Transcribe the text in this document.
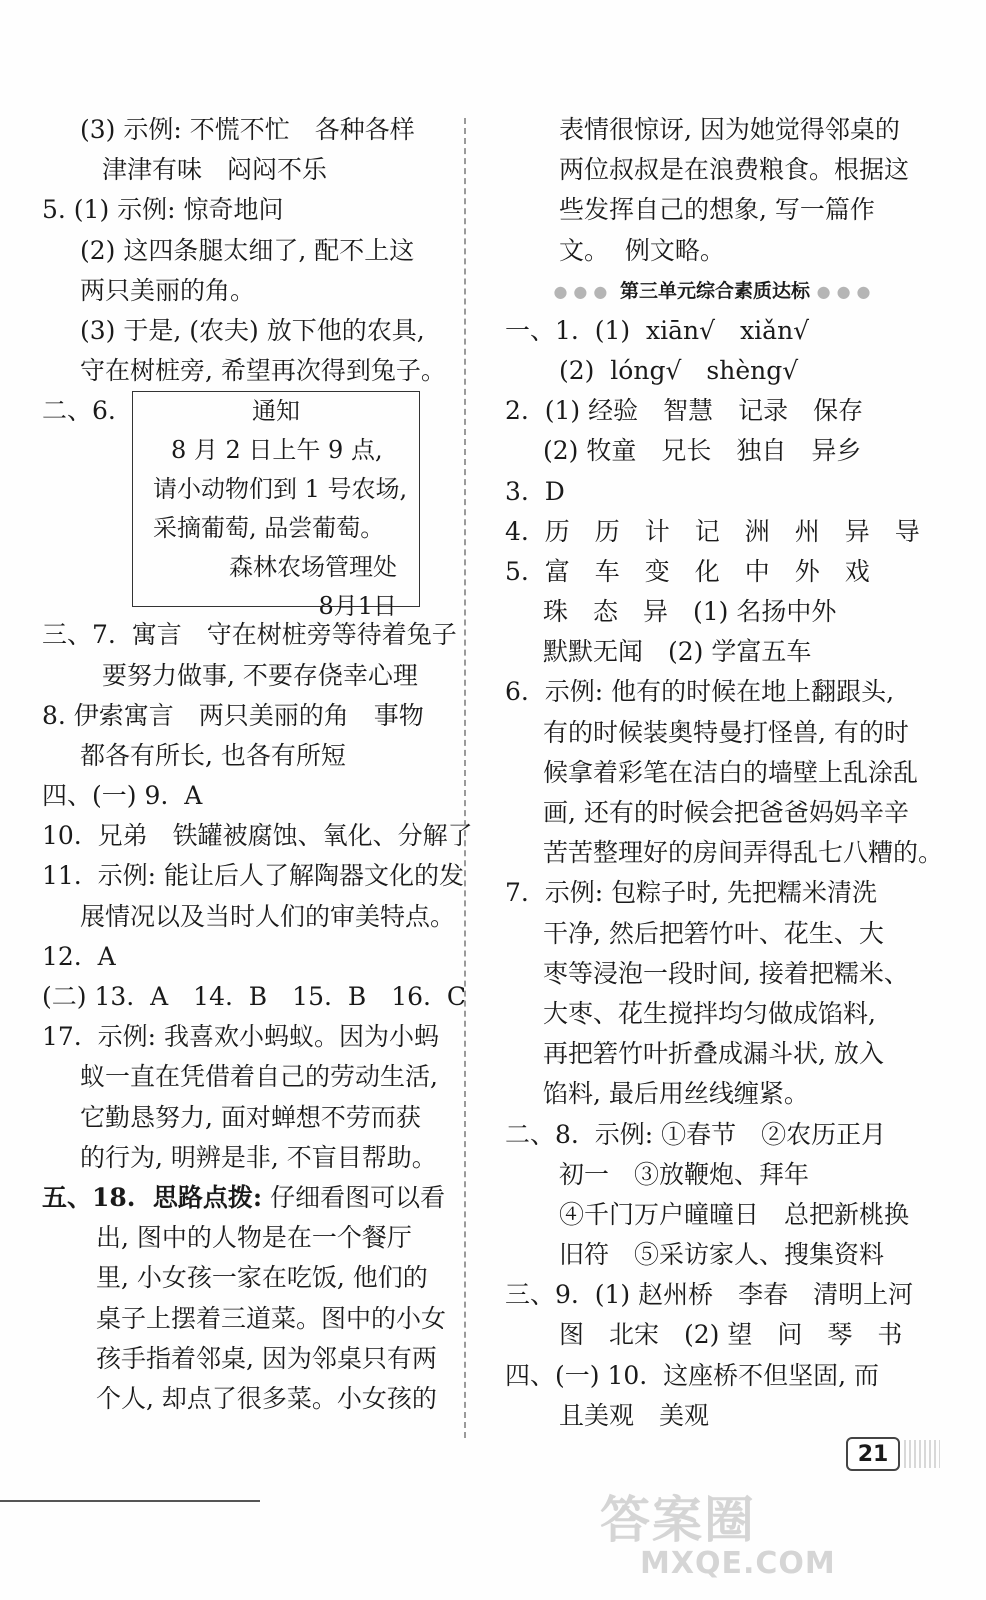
(3) 示例: 不慌不忙　各种各样
津津有味　闷闷不乐
5. (1) 示例: 惊奇地问
(2) 这四条腿太细了, 配不上这
两只美丽的角。
(3) 于是, (农夫) 放下他的农具,
守在树桩旁, 希望再次得到兔子。
二、6.	通知
8 月 2 日上午 9 点,
请小动物们到 1 号农场,
采摘葡萄, 品尝葡萄。
森林农场管理处
8月1日
三、7.  寓言　守在树桩旁等待着兔子
要努力做事, 不要存侥幸心理
8. 伊索寓言　两只美丽的角　事物
都各有所长, 也各有所短
四、(一) 9.  A
10.  兄弟　铁罐被腐蚀、氧化、分解了
11.  示例: 能让后人了解陶器文化的发
展情况以及当时人们的审美特点。
12.  A
(二) 13.  A　14.  B　15.  B　16.  C
17.  示例: 我喜欢小蚂蚁。因为小蚂
蚁一直在凭借着自己的劳动生活,
它勤恳努力, 面对蝉想不劳而获
的行为, 明辨是非, 不盲目帮助。
五、18.  思路点拨: 仔细看图可以看
出, 图中的人物是在一个餐厅
里, 小女孩一家在吃饭, 他们的
桌子上摆着三道菜。图中的小女
孩手指着邻桌, 因为邻桌只有两
个人, 却点了很多菜。小女孩的
表情很惊讶, 因为她觉得邻桌的
两位叔叔是在浪费粮食。根据这
些发挥自己的想象, 写一篇作
文。  例文略。
●●● 第三单元综合素质达标 ●●●
一、1.  (1)  xiān√　xiǎn√
(2)  lóng√　shèng√
2.  (1) 经验　智慧　记录　保存
(2) 牧童　兄长　独自　异乡
3.  D
4.  历　历　计　记　洲　州　异　导
5.  富　车　变　化　中　外　戏
珠　态　异　(1) 名扬中外
默默无闻　(2) 学富五车
6.  示例: 他有的时候在地上翻跟头,
有的时候装奥特曼打怪兽, 有的时
候拿着彩笔在洁白的墙壁上乱涂乱
画, 还有的时候会把爸爸妈妈辛辛
苦苦整理好的房间弄得乱七八糟的。
7.  示例: 包粽子时, 先把糯米清洗
干净, 然后把箬竹叶、花生、大
枣等浸泡一段时间, 接着把糯米、
大枣、花生搅拌均匀做成馅料,
再把箬竹叶折叠成漏斗状, 放入
馅料, 最后用丝线缠紧。
二、8.  示例: ①春节　②农历正月
初一　③放鞭炮、拜年
④千门万户曈曈日　总把新桃换
旧符　⑤采访家人、搜集资料
三、9.  (1) 赵州桥　李春　清明上河
图　北宋　(2) 望　问　琴　书
四、(一) 10.  这座桥不但坚固, 而
且美观　美观
21
答案圈
MXQE.COM
